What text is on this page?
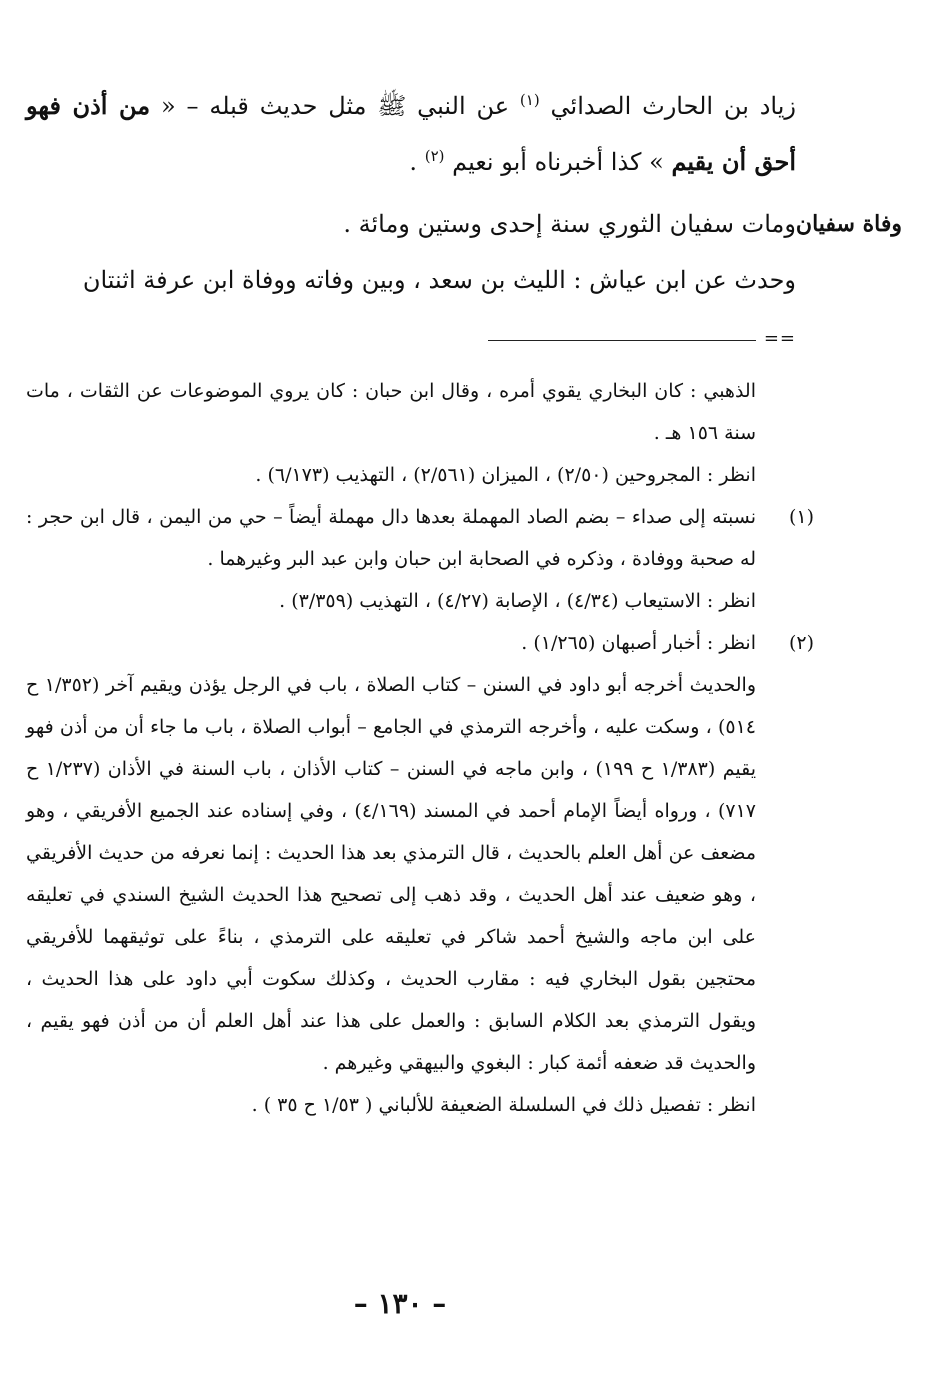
زياد بن الحارث الصدائي $^{(١)}$ عن النبي ﷺ مثل حديث قبله – « من أذن فهو أحق أن يقيم » كذا أخبرناه أبو نعيم $^{(٢)}$ .

وفاة سفيان

ومات سفيان الثوري سنة إحدى وستين ومائة .

وحدث عن ابن عياش : الليث بن سعد ، وبين وفاته ووفاة ابن عرفة اثنتان

==

الذهبي : كان البخاري يقوي أمره ، وقال ابن حبان : كان يروي الموضوعات عن الثقات ، مات سنة ١٥٦ هـ .

انظر : المجروحين (٢/٥٠) ، الميزان (٢/٥٦١) ، التهذيب (٦/١٧٣) .

(١)

نسبته إلى صداء – بضم الصاد المهملة بعدها دال مهملة أيضاً – حي من اليمن ، قال ابن حجر : له صحبة ووفادة ، وذكره في الصحابة ابن حبان وابن عبد البر وغيرهما .

انظر : الاستيعاب (٤/٣٤) ، الإصابة (٤/٢٧) ، التهذيب (٣/٣٥٩) .

(٢)

انظر : أخبار أصبهان (١/٢٦٥) .

والحديث أخرجه أبو داود في السنن – كتاب الصلاة ، باب في الرجل يؤذن ويقيم آخر (١/٣٥٢ ح ٥١٤) ، وسكت عليه ، وأخرجه الترمذي في الجامع – أبواب الصلاة ، باب ما جاء أن من أذن فهو يقيم (١/٣٨٣ ح ١٩٩) ، وابن ماجه في السنن – كتاب الأذان ، باب السنة في الأذان (١/٢٣٧ ح ٧١٧) ، ورواه أيضاً الإمام أحمد في المسند (٤/١٦٩) ، وفي إسناده عند الجميع الأفريقي ، وهو مضعف عن أهل العلم بالحديث ، قال الترمذي بعد هذا الحديث : إنما نعرفه من حديث الأفريقي ، وهو ضعيف عند أهل الحديث ، وقد ذهب إلى تصحيح هذا الحديث الشيخ السندي في تعليقه على ابن ماجه والشيخ أحمد شاكر في تعليقه على الترمذي ، بناءً على توثيقهما للأفريقي محتجين بقول البخاري فيه : مقارب الحديث ، وكذلك سكوت أبي داود على هذا الحديث ، ويقول الترمذي بعد الكلام السابق : والعمل على هذا عند أهل العلم أن من أذن فهو يقيم ، والحديث قد ضعفه أئمة كبار : البغوي والبيهقي وغيرهم .

انظر : تفصيل ذلك في السلسلة الضعيفة للألباني ( ١/٥٣ ح ٣٥ ) .

– ١٣٠ –
